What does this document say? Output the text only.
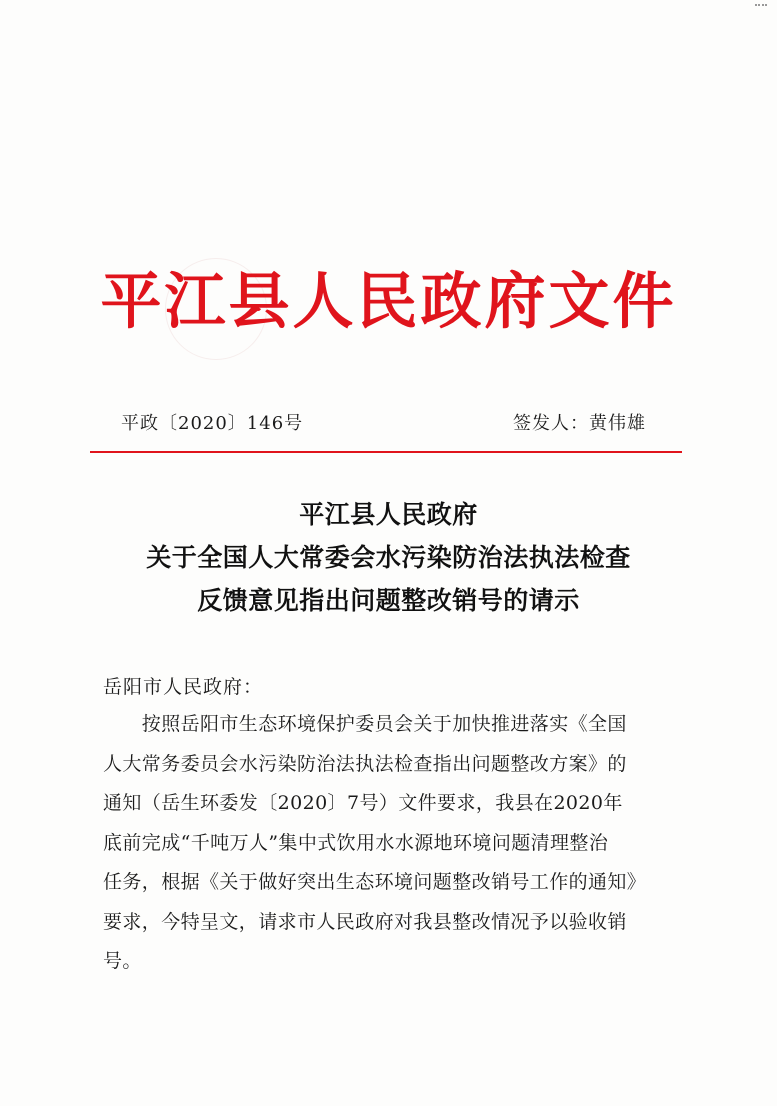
平江县人民政府文件
平政〔2020〕146号	签发人：黄伟雄
平江县人民政府
关于全国人大常委会水污染防治法执法检查
反馈意见指出问题整改销号的请示
岳阳市人民政府：
　　按照岳阳市生态环境保护委员会关于加快推进落实《全国
人大常务委员会水污染防治法执法检查指出问题整改方案》的
通知（岳生环委发〔2020〕7号）文件要求，我县在2020年
底前完成“千吨万人”集中式饮用水水源地环境问题清理整治
任务，根据《关于做好突出生态环境问题整改销号工作的通知》
要求，今特呈文，请求市人民政府对我县整改情况予以验收销
号。
